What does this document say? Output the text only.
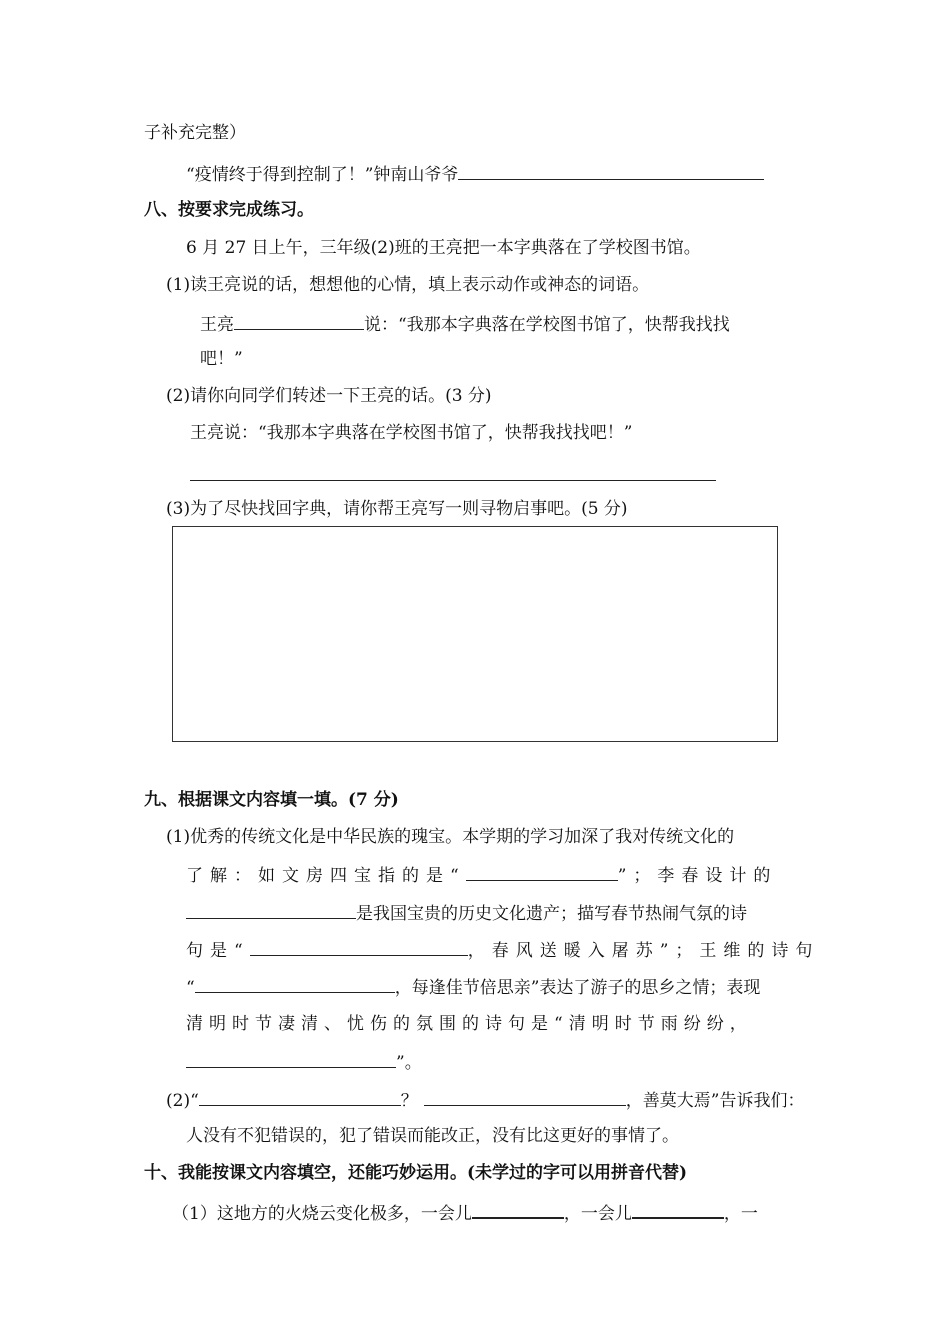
子补充完整）
“疫情终于得到控制了！”钟南山爷爷
八、按要求完成练习。
6 月 27 日上午，三年级(2)班的王亮把一本字典落在了学校图书馆。
(1)读王亮说的话，想想他的心情，填上表示动作或神态的词语。
王亮	说：“我那本字典落在学校图书馆了，快帮我找找
吧！”
(2)请你向同学们转述一下王亮的话。(3 分)
王亮说：“我那本字典落在学校图书馆了，快帮我找找吧！”
(3)为了尽快找回字典，请你帮王亮写一则寻物启事吧。(5 分)
九、根据课文内容填一填。(7 分)
(1)优秀的传统文化是中华民族的瑰宝。本学期的学习加深了我对传统文化的
了解：如文房四宝指的是“	”；李春设计的
是我国宝贵的历史文化遗产；描写春节热闹气氛的诗
句是“	，春风送暖入屠苏”；王维的诗句
“	，每逢佳节倍思亲”表达了游子的思乡之情；表现
清明时节凄清、忧伤的氛围的诗句是“清明时节雨纷纷，
”。
(2)“	？	，善莫大焉”告诉我们：
人没有不犯错误的，犯了错误而能改正，没有比这更好的事情了。
十、我能按课文内容填空，还能巧妙运用。(未学过的字可以用拼音代替)
（1）这地方的火烧云变化极多，一会儿	，一会儿	，一
